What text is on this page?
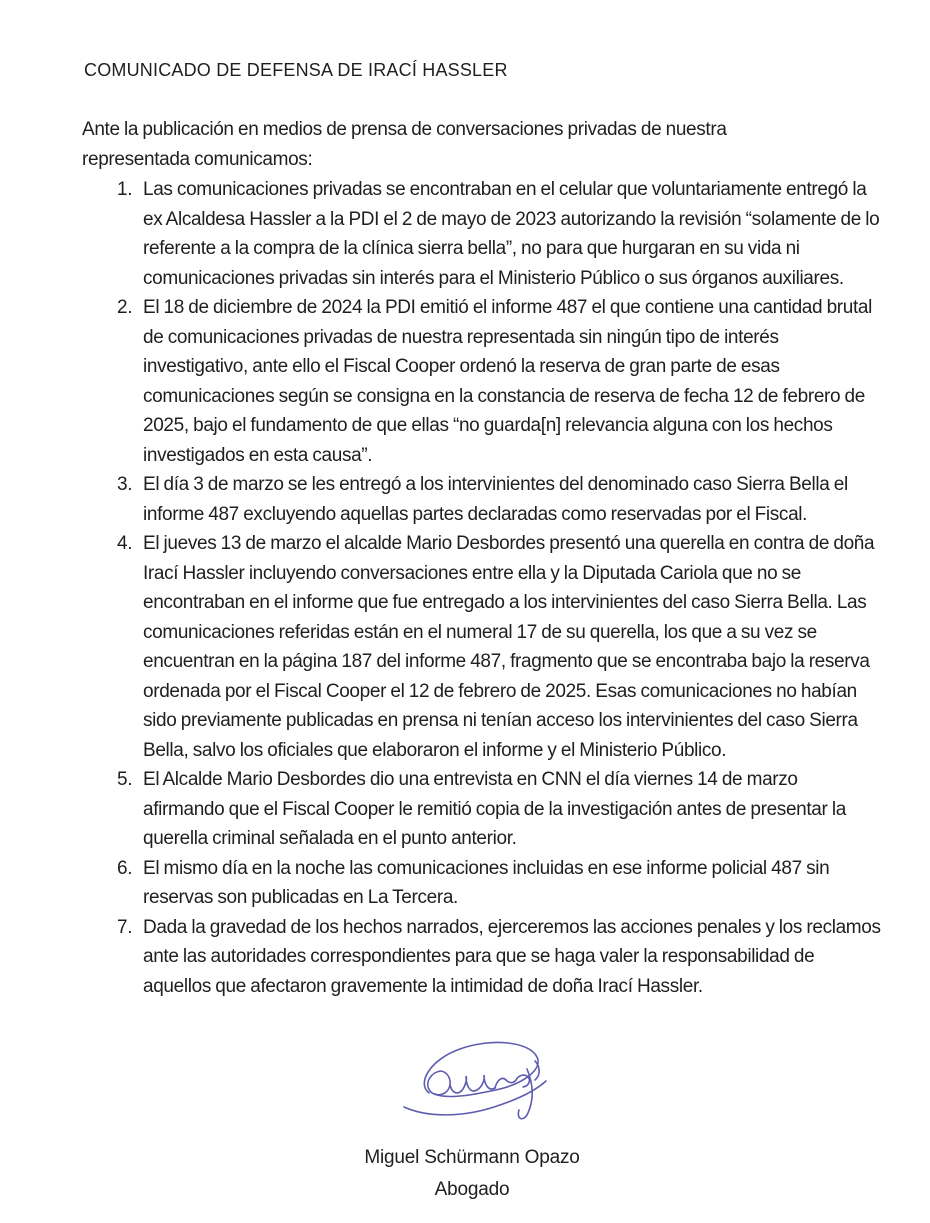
COMUNICADO DE DEFENSA DE IRACÍ HASSLER

Ante la publicación en medios de prensa de conversaciones privadas de nuestra representada comunicamos:

1. Las comunicaciones privadas se encontraban en el celular que voluntariamente entregó la ex Alcaldesa Hassler a la PDI el 2 de mayo de 2023 autorizando la revisión “solamente de lo referente a la compra de la clínica sierra bella”, no para que hurgaran en su vida ni comunicaciones privadas sin interés para el Ministerio Público o sus órganos auxiliares.
2. El 18 de diciembre de 2024 la PDI emitió el informe 487 el que contiene una cantidad brutal de comunicaciones privadas de nuestra representada sin ningún tipo de interés investigativo, ante ello el Fiscal Cooper ordenó la reserva de gran parte de esas comunicaciones según se consigna en la constancia de reserva de fecha 12 de febrero de 2025, bajo el fundamento de que ellas “no guarda[n] relevancia alguna con los hechos investigados en esta causa”.
3. El día 3 de marzo se les entregó a los intervinientes del denominado caso Sierra Bella el informe 487 excluyendo aquellas partes declaradas como reservadas por el Fiscal.
4. El jueves 13 de marzo el alcalde Mario Desbordes presentó una querella en contra de doña Irací Hassler incluyendo conversaciones entre ella y la Diputada Cariola que no se encontraban en el informe que fue entregado a los intervinientes del caso Sierra Bella. Las comunicaciones referidas están en el numeral 17 de su querella, los que a su vez se encuentran en la página 187 del informe 487, fragmento que se encontraba bajo la reserva ordenada por el Fiscal Cooper el 12 de febrero de 2025. Esas comunicaciones no habían sido previamente publicadas en prensa ni tenían acceso los intervinientes del caso Sierra Bella, salvo los oficiales que elaboraron el informe y el Ministerio Público.
5. El Alcalde Mario Desbordes dio una entrevista en CNN el día viernes 14 de marzo afirmando que el Fiscal Cooper le remitió copia de la investigación antes de presentar la querella criminal señalada en el punto anterior.
6. El mismo día en la noche las comunicaciones incluidas en ese informe policial 487 sin reservas son publicadas en La Tercera.
7. Dada la gravedad de los hechos narrados, ejerceremos las acciones penales y los reclamos ante las autoridades correspondientes para que se haga valer la responsabilidad de aquellos que afectaron gravemente la intimidad de doña Irací Hassler.
Miguel Schürmann Opazo
Abogado
